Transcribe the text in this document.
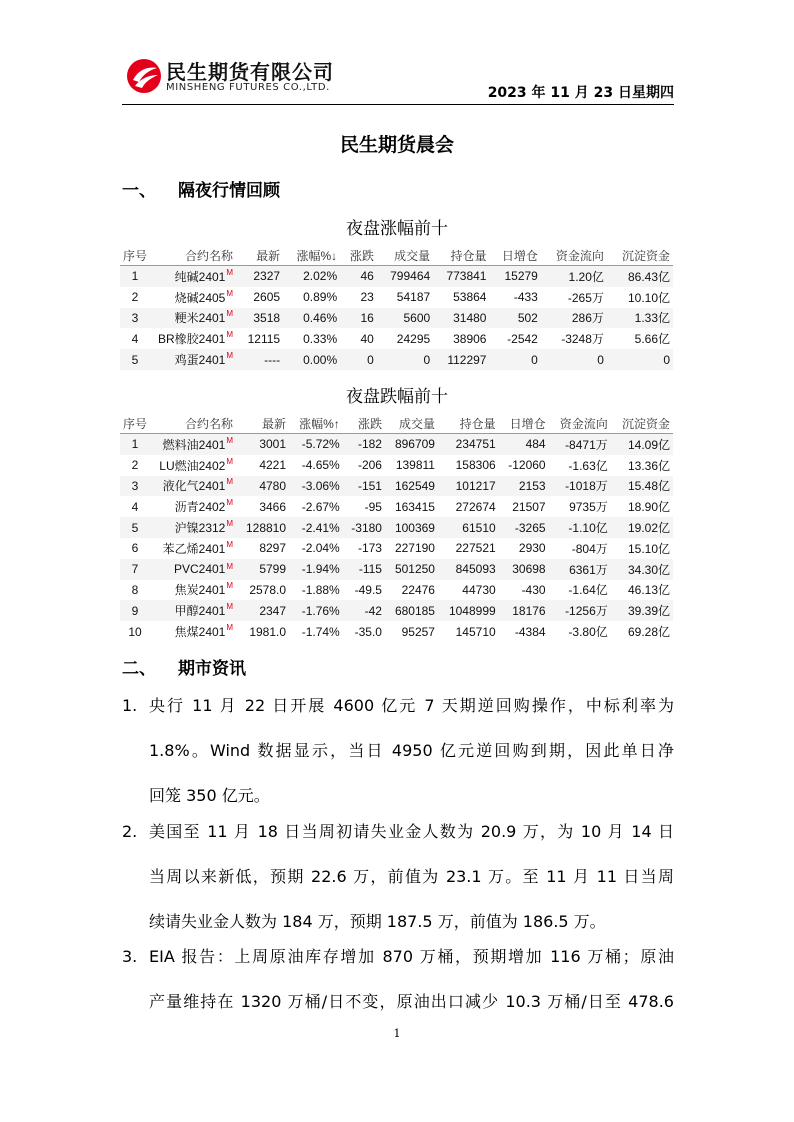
民生期货有限公司
MINSHENG FUTURES CO.,LTD.	2023 年 11 月 23 日星期四
民生期货晨会
一、 隔夜行情回顾
夜盘涨幅前十
序号	合约名称	最新	涨幅%↓	涨跌	成交量	持仓量	日增仓	资金流向	沉淀资金
1	纯碱$2401^M$	2327	2.02%	46	799464	773841	15279	1.20亿	86.43亿
2	烧碱$2405^M$	2605	0.89%	23	54187	53864	-433	-265万	10.10亿
3	粳米$2401^M$	3518	0.46%	16	5600	31480	502	286万	1.33亿
4	BR橡胶$2401^M$	12115	0.33%	40	24295	38906	-2542	-3248万	5.66亿
5	鸡蛋$2401^M$	----	0.00%	0	0	112297	0	0	0
夜盘跌幅前十
序号	合约名称	最新	涨幅%↑	涨跌	成交量	持仓量	日增仓	资金流向	沉淀资金
1	燃料油$2401^M$	3001	-5.72%	-182	896709	234751	484	-8471万	14.09亿
2	LU燃油$2402^M$	4221	-4.65%	-206	139811	158306	-12060	-1.63亿	13.36亿
3	液化气$2401^M$	4780	-3.06%	-151	162549	101217	2153	-1018万	15.48亿
4	沥青$2402^M$	3466	-2.67%	-95	163415	272674	21507	9735万	18.90亿
5	沪镍$2312^M$	128810	-2.41%	-3180	100369	61510	-3265	-1.10亿	19.02亿
6	苯乙烯$2401^M$	8297	-2.04%	-173	227190	227521	2930	-804万	15.10亿
7	$PVC2401^M$	5799	-1.94%	-115	501250	845093	30698	6361万	34.30亿
8	焦炭$2401^M$	2578.0	-1.88%	-49.5	22476	44730	-430	-1.64亿	46.13亿
9	甲醇$2401^M$	2347	-1.76%	-42	680185	1048999	18176	-1256万	39.39亿
10	焦煤$2401^M$	1981.0	-1.74%	-35.0	95257	145710	-4384	-3.80亿	69.28亿
二、 期市资讯
1. 央行 11 月 22 日开展 4600 亿元 7 天期逆回购操作，中标利率为
1.8%。Wind 数据显示，当日 4950 亿元逆回购到期，因此单日净
回笼 350 亿元。
2. 美国至 11 月 18 日当周初请失业金人数为 20.9 万，为 10 月 14 日
当周以来新低，预期 22.6 万，前值为 23.1 万。至 11 月 11 日当周
续请失业金人数为 184 万，预期 187.5 万，前值为 186.5 万。
3. EIA 报告：上周原油库存增加 870 万桶，预期增加 116 万桶；原油
产量维持在 1320 万桶/日不变，原油出口减少 10.3 万桶/日至 478.6
1
